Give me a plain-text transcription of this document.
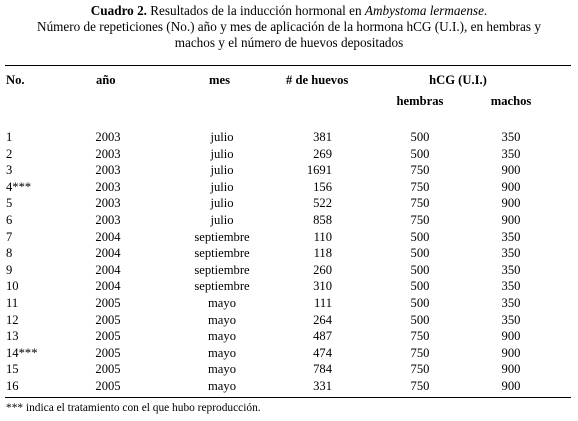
Cuadro 2. Resultados de la inducción hormonal en Ambystoma lermaense.
Número de repeticiones (No.) año y mes de aplicación de la hormona hCG (U.I.), en hembras y
machos y el número de huevos depositados
No.	año	mes	# de huevos	hCG (U.I.)
hembras	machos
1	2003	julio	381	500	350
2	2003	julio	269	500	350
3	2003	julio	1691	750	900
4***	2003	julio	156	750	900
5	2003	julio	522	750	900
6	2003	julio	858	750	900
7	2004	septiembre	110	500	350
8	2004	septiembre	118	500	350
9	2004	septiembre	260	500	350
10	2004	septiembre	310	500	350
11	2005	mayo	111	500	350
12	2005	mayo	264	500	350
13	2005	mayo	487	750	900
14***	2005	mayo	474	750	900
15	2005	mayo	784	750	900
16	2005	mayo	331	750	900
*** indica el tratamiento con el que hubo reproducción.
